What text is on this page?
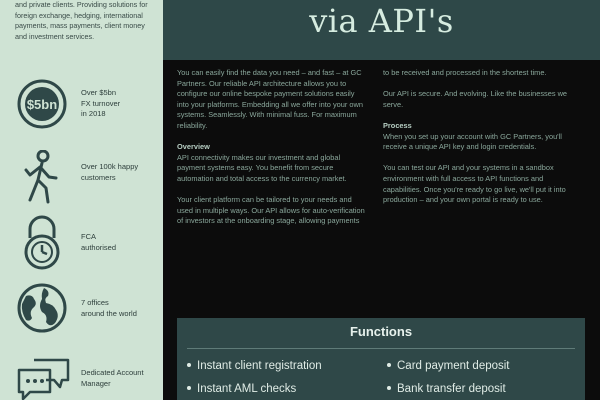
and private clients. Providing solutions for foreign exchange, hedging, international payments, mass payments, client money and investment services.
$5bn
Over $5bn
FX turnover
in 2018
Over 100k happy
customers
FCA
authorised
7 offices
around the world
Dedicated Account
Manager
via API's

You can easily find the data you need – and fast – at GC Partners. Our reliable API architecture allows you to configure our online bespoke payment solutions easily into your platforms. Embedding all we offer into your own systems. Seamlessly. With minimal fuss. For maximum reliability.

Overview

API connectivity makes our investment and global payment systems easy. You benefit from secure automation and total access to the currency market.

Your client platform can be tailored to your needs and used in multiple ways. Our API allows for auto-verification of investors at the onboarding stage, allowing payments

to be received and processed in the shortest time.

Our API is secure. And evolving. Like the businesses we serve.

Process

When you set up your account with GC Partners, you'll receive a unique API key and login credentials.

You can test our API and your systems in a sandbox environment with full access to API functions and capabilities. Once you're ready to go live, we'll put it into production – and your own portal is ready to use.

Functions
Instant client registration	Card payment deposit
Instant AML checks	Bank transfer deposit
